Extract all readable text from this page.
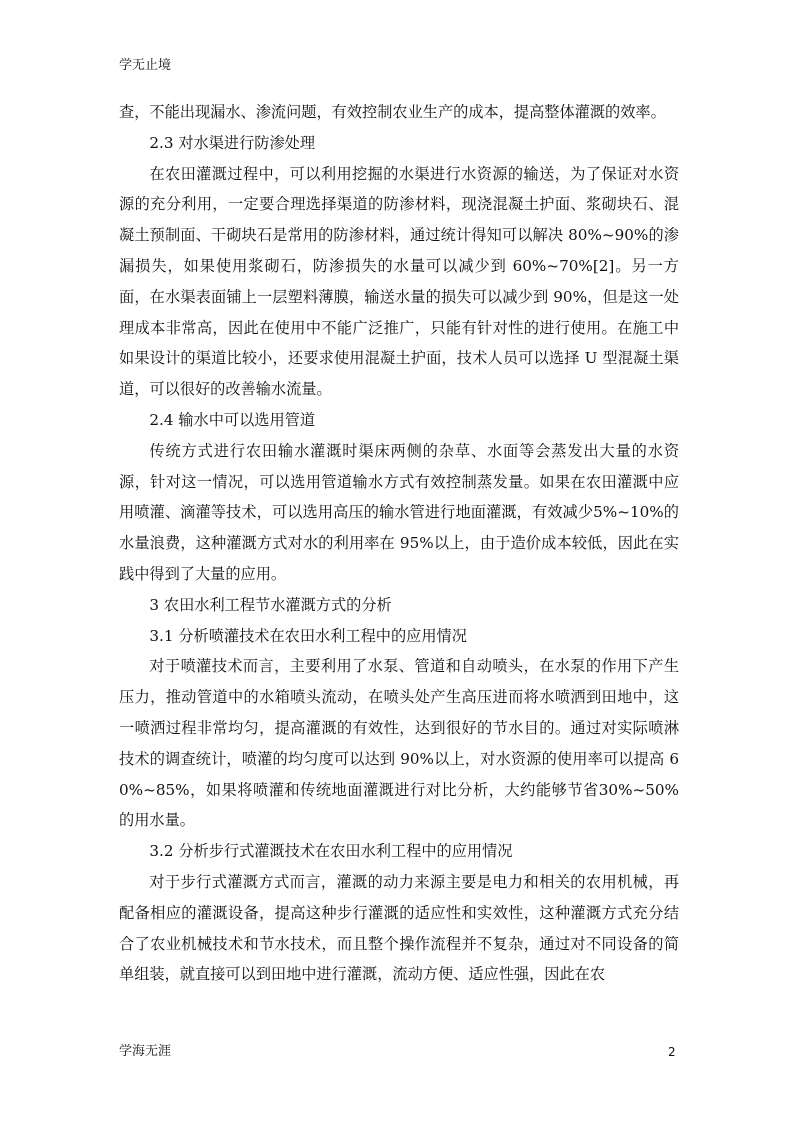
学无止境

查，不能出现漏水、渗流问题，有效控制农业生产的成本，提高整体灌溉的效率。

2.3 对水渠进行防渗处理

在农田灌溉过程中，可以利用挖掘的水渠进行水资源的输送，为了保证对水资源的充分利用，一定要合理选择渠道的防渗材料，现浇混凝土护面、浆砌块石、混凝土预制面、干砌块石是常用的防渗材料，通过统计得知可以解决 80%~90%的渗漏损失，如果使用浆砌石，防渗损失的水量可以减少到 60%~70%[2]。另一方面，在水渠表面铺上一层塑料薄膜，输送水量的损失可以减少到 90%，但是这一处理成本非常高，因此在使用中不能广泛推广，只能有针对性的进行使用。在施工中如果设计的渠道比较小，还要求使用混凝土护面，技术人员可以选择 U 型混凝土渠道，可以很好的改善输水流量。

2.4 输水中可以选用管道

传统方式进行农田输水灌溉时渠床两侧的杂草、水面等会蒸发出大量的水资源，针对这一情况，可以选用管道输水方式有效控制蒸发量。如果在农田灌溉中应用喷灌、滴灌等技术，可以选用高压的输水管进行地面灌溉，有效减少5%~10%的水量浪费，这种灌溉方式对水的利用率在 95%以上，由于造价成本较低，因此在实践中得到了大量的应用。

3 农田水利工程节水灌溉方式的分析

3.1 分析喷灌技术在农田水利工程中的应用情况

对于喷灌技术而言，主要利用了水泵、管道和自动喷头，在水泵的作用下产生压力，推动管道中的水箱喷头流动，在喷头处产生高压进而将水喷洒到田地中，这一喷洒过程非常均匀，提高灌溉的有效性，达到很好的节水目的。通过对实际喷淋技术的调查统计，喷灌的均匀度可以达到 90%以上，对水资源的使用率可以提高 60%~85%，如果将喷灌和传统地面灌溉进行对比分析，大约能够节省30%~50%的用水量。

3.2 分析步行式灌溉技术在农田水利工程中的应用情况

对于步行式灌溉方式而言，灌溉的动力来源主要是电力和相关的农用机械，再配备相应的灌溉设备，提高这种步行灌溉的适应性和实效性，这种灌溉方式充分结合了农业机械技术和节水技术，而且整个操作流程并不复杂，通过对不同设备的简单组装，就直接可以到田地中进行灌溉，流动方便、适应性强，因此在农

学海无涯	2
